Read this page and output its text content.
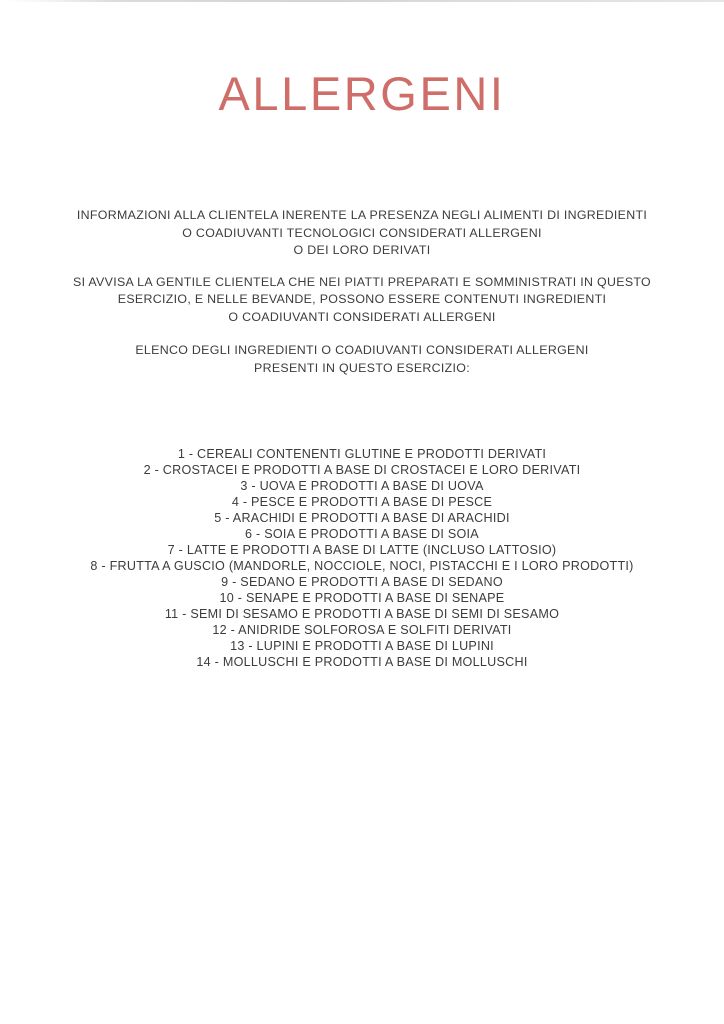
ALLERGENI
INFORMAZIONI ALLA CLIENTELA INERENTE LA PRESENZA NEGLI ALIMENTI DI INGREDIENTI
O COADIUVANTI TECNOLOGICI CONSIDERATI ALLERGENI
O DEI LORO DERIVATI
SI AVVISA LA GENTILE CLIENTELA CHE NEI PIATTI PREPARATI E SOMMINISTRATI IN QUESTO
ESERCIZIO, E NELLE BEVANDE, POSSONO ESSERE CONTENUTI INGREDIENTI
O COADIUVANTI CONSIDERATI ALLERGENI
ELENCO DEGLI INGREDIENTI O COADIUVANTI CONSIDERATI ALLERGENI
PRESENTI IN QUESTO ESERCIZIO:
1 - CEREALI CONTENENTI GLUTINE E PRODOTTI DERIVATI
2 - CROSTACEI E PRODOTTI A BASE DI CROSTACEI E LORO DERIVATI
3 - UOVA E PRODOTTI A BASE DI UOVA
4 - PESCE E PRODOTTI A BASE DI PESCE
5 - ARACHIDI E PRODOTTI A BASE DI ARACHIDI
6 - SOIA E PRODOTTI A BASE DI SOIA
7 - LATTE E PRODOTTI A BASE DI LATTE (INCLUSO LATTOSIO)
8 - FRUTTA A GUSCIO (MANDORLE, NOCCIOLE, NOCI, PISTACCHI E I LORO PRODOTTI)
9 - SEDANO E PRODOTTI A BASE DI SEDANO
10 - SENAPE E PRODOTTI A BASE DI SENAPE
11 - SEMI DI SESAMO E PRODOTTI A BASE DI SEMI DI SESAMO
12 - ANIDRIDE SOLFOROSA E SOLFITI DERIVATI
13 - LUPINI E PRODOTTI A BASE DI LUPINI
14 - MOLLUSCHI E PRODOTTI A BASE DI MOLLUSCHI
